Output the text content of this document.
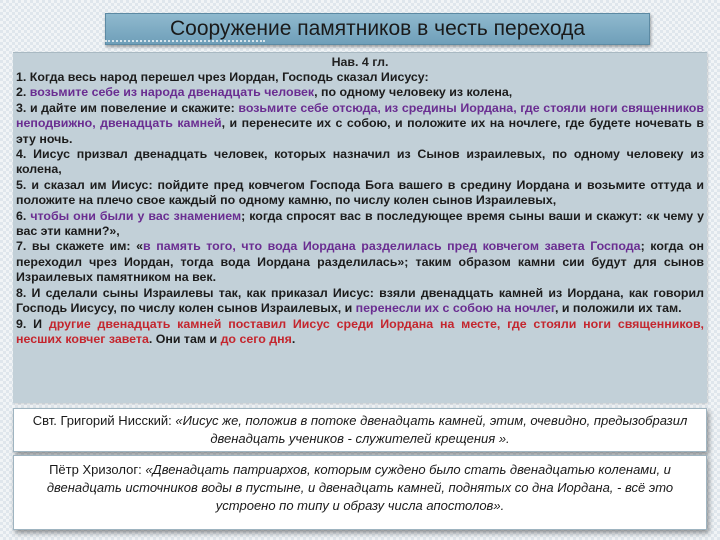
Сооружение памятников в честь перехода
Нав. 4 гл.

1. Когда весь народ перешел чрез Иордан, Господь сказал Иисусу:

2. возьмите себе из народа двенадцать человек, по одному человеку из колена,

3. и дайте им повеление и скажите: возьмите себе отсюда, из средины Иордана, где стояли ноги священников неподвижно, двенадцать камней, и перенесите их с собою, и положите их на ночлеге, где будете ночевать в эту ночь.

4. Иисус призвал двенадцать человек, которых назначил из Сынов израилевых, по одному человеку из колена,

5. и сказал им Иисус: пойдите пред ковчегом Господа Бога вашего в средину Иордана и возьмите оттуда и положите на плечо свое каждый по одному камню, по числу колен сынов Израилевых,

6. чтобы они были у вас знамением; когда спросят вас в последующее время сыны ваши и скажут: «к чему у вас эти камни?»,

7. вы скажете им: «в память того, что вода Иордана разделилась пред ковчегом завета Господа; когда он переходил чрез Иордан, тогда вода Иордана разделилась»; таким образом камни сии будут для сынов Израилевых памятником на век.

8. И сделали сыны Израилевы так, как приказал Иисус: взяли двенадцать камней из Иордана, как говорил Господь Иисусу, по числу колен сынов Израилевых, и перенесли их с собою на ночлег, и положили их там.

9. И другие двенадцать камней поставил Иисус среди Иордана на месте, где стояли ноги священников, несших ковчег завета. Они там и до сего дня.

Свт. Григорий Нисский: «Иисус же, положив в потоке двенадцать камней, этим, очевидно, предызобразил двенадцать учеников - служителей крещения ».
Пётр Хризолог: «Двенадцать патриархов, которым суждено было стать двенадцатью коленами, и двенадцать источников воды в пустыне, и двенадцать камней, поднятых со дна Иордана, - всё это устроено по типу и образу числа апостолов».
